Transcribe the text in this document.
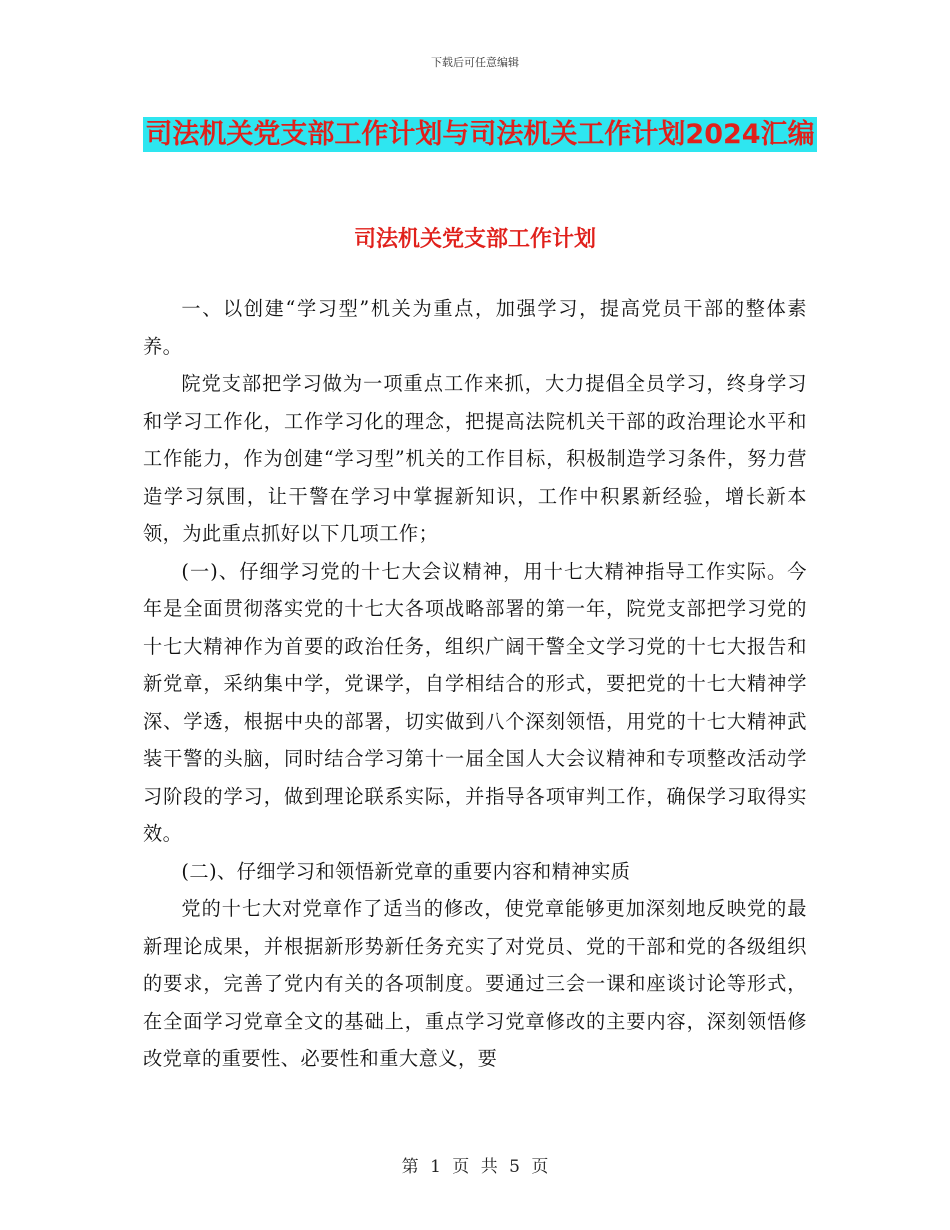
下载后可任意编辑
司法机关党支部工作计划与司法机关工作计划2024汇编
司法机关党支部工作计划

一、以创建“学习型”机关为重点，加强学习，提高党员干部的整体素养。

院党支部把学习做为一项重点工作来抓，大力提倡全员学习，终身学习和学习工作化，工作学习化的理念，把提高法院机关干部的政治理论水平和工作能力，作为创建“学习型”机关的工作目标，积极制造学习条件，努力营造学习氛围，让干警在学习中掌握新知识，工作中积累新经验，增长新本领，为此重点抓好以下几项工作；

(一)、仔细学习党的十七大会议精神，用十七大精神指导工作实际。今年是全面贯彻落实党的十七大各项战略部署的第一年，院党支部把学习党的十七大精神作为首要的政治任务，组织广阔干警全文学习党的十七大报告和新党章，采纳集中学，党课学，自学相结合的形式，要把党的十七大精神学深、学透，根据中央的部署，切实做到八个深刻领悟，用党的十七大精神武装干警的头脑，同时结合学习第十一届全国人大会议精神和专项整改活动学习阶段的学习，做到理论联系实际，并指导各项审判工作，确保学习取得实效。

(二)、仔细学习和领悟新党章的重要内容和精神实质

党的十七大对党章作了适当的修改，使党章能够更加深刻地反映党的最新理论成果，并根据新形势新任务充实了对党员、党的干部和党的各级组织的要求，完善了党内有关的各项制度。要通过三会一课和座谈讨论等形式，在全面学习党章全文的基础上，重点学习党章修改的主要内容，深刻领悟修改党章的重要性、必要性和重大意义，要

第 1 页 共 5 页
